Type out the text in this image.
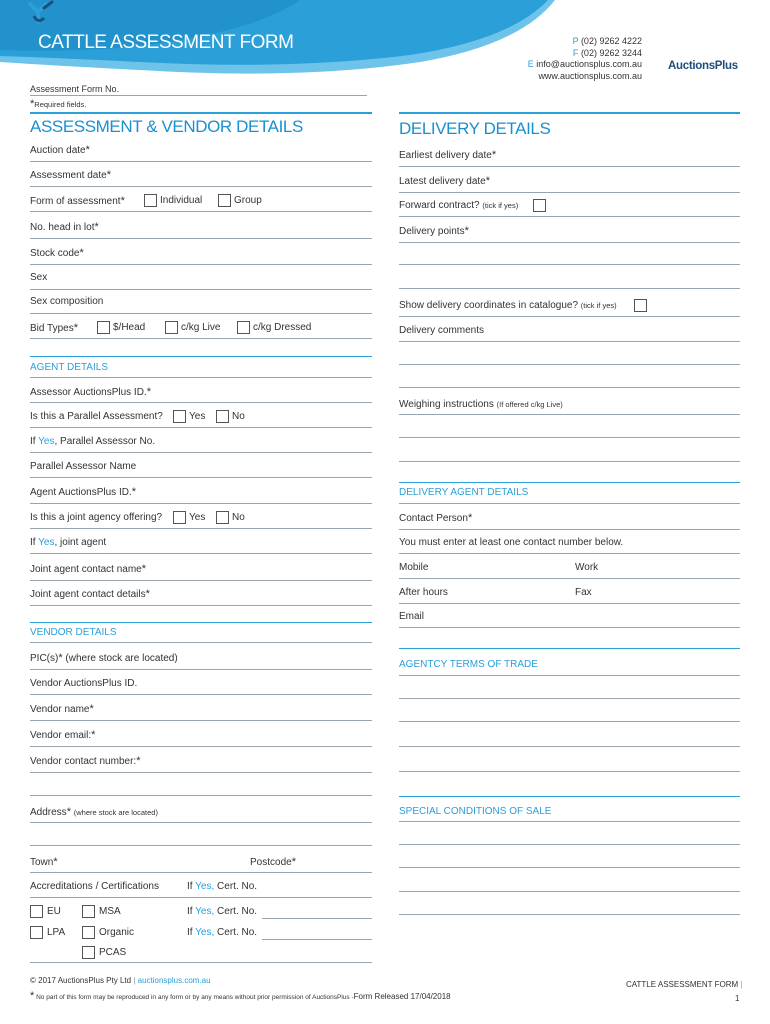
CATTLE ASSESSMENT FORM	P (02) 9262 4222
F (02) 9262 3244
E info@auctionsplus.com.au
www.auctionsplus.com.au
AuctionsPlus
Assessment Form No.
*Required fields.
ASSESSMENT & VENDOR DETAILS
Auction date*
Assessment date*
Form of assessment*	Individual	Group
No. head in lot*
Stock code*
Sex
Sex composition
Bid Types*	$/Head	c/kg Live	c/kg Dressed
AGENT DETAILS
Assessor AuctionsPlus ID.*
Is this a Parallel Assessment?	Yes	No
If Yes, Parallel Assessor No.
Parallel Assessor Name
Agent AuctionsPlus ID.*
Is this a joint agency offering?	Yes	No
If Yes, joint agent
Joint agent contact name*
Joint agent contact details*
VENDOR DETAILS
PIC(s)* (where stock are located)
Vendor AuctionsPlus ID.
Vendor name*
Vendor email:*
Vendor contact number:*
Address* (where stock are located)
Town*	Postcode*
Accreditations / Certifications	If Yes, Cert. No.
EU	MSA	If Yes, Cert. No.
LPA	Organic	If Yes, Cert. No.
PCAS
DELIVERY DETAILS
Earliest delivery date*
Latest delivery date*
Forward contract? (tick if yes)
Delivery points*
Show delivery coordinates in catalogue? (tick if yes)
Delivery comments
Weighing instructions (If offered c/kg Live)
DELIVERY AGENT DETAILS
Contact Person*
You must enter at least one contact number below.
Mobile	Work
After hours	Fax
Email
AGENTCY TERMS OF TRADE
SPECIAL CONDITIONS OF SALE
© 2017 AuctionsPlus Pty Ltd | auctionsplus.com.au
* No part of this form may be reproduced in any form or by any means without prior permission of AuctionsPlus -Form Released 17/04/2018
CATTLE ASSESSMENT FORM |
1
